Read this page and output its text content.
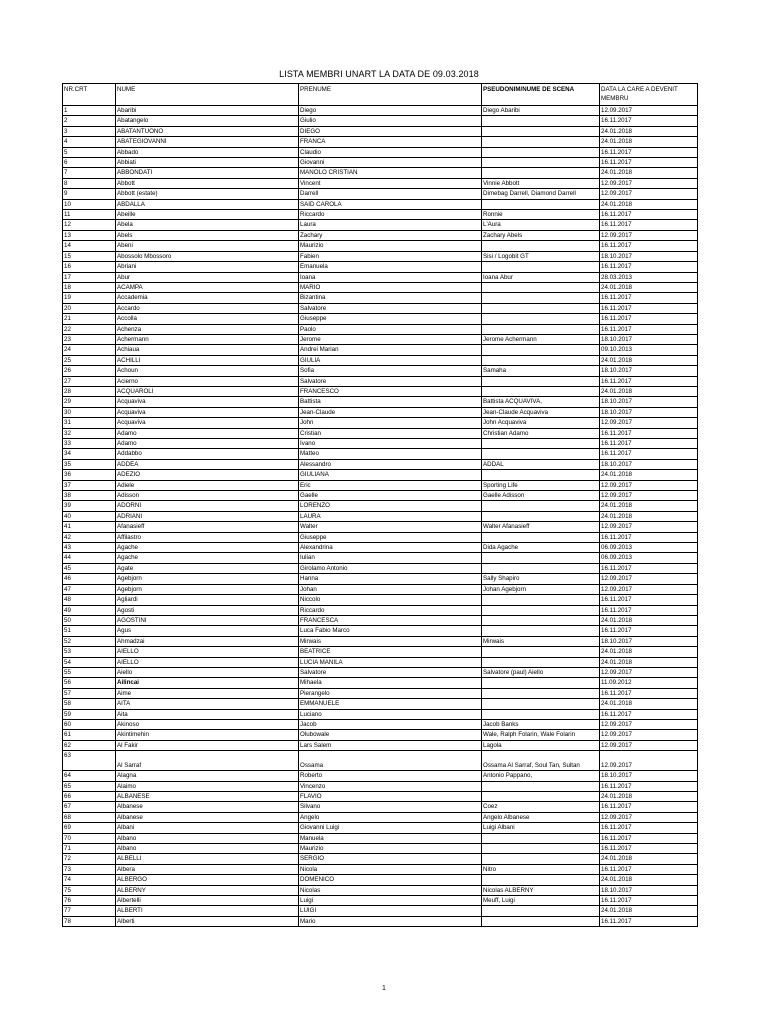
LISTA MEMBRI UNART LA DATA DE 09.03.2018
NR.CRT	NUME	PRENUME	PSEUDONIM/NUME DE SCENA	DATA LA CARE A DEVENIT MEMBRU
1	Abaribi	Diego	Diego Abaribi	12.09.2017
2	Abatangelo	Giulio		16.11.2017
3	ABATANTUONO	DIEGO		24.01.2018
4	ABATEGIOVANNI	FRANCA		24.01.2018
5	Abbado	Claudio		16.11.2017
6	Abbiati	Giovanni		16.11.2017
7	ABBONDATI	MANOLO CRISTIAN		24.01.2018
8	Abbott	Vincent	Vinnie Abbott	12.09.2017
9	Abbott (estate)	Darrell	Dimebag Darrell, Diamond Darrell	12.09.2017
10	ABDALLA	SAID CAROLA		24.01.2018
11	Abeille	Riccardo	Ronnie	16.11.2017
12	Abela	Laura	L'Aura	16.11.2017
13	Abels	Zachary	Zachary Abels	12.09.2017
14	Abeni	Maurizio		16.11.2017
15	Abossolo Mbossoro	Fabien	Sisi / Logobit GT	18.10.2017
16	Abriani	Emanuela		16.11.2017
17	Abur	Ioana	Ioana Abur	28.03.2013
18	ACAMPA	MARIO		24.01.2018
19	Accademia	Bizantina		16.11.2017
20	Accardo	Salvatore		16.11.2017
21	Accolla	Giuseppe		16.11.2017
22	Achenza	Paolo		16.11.2017
23	Achermann	Jerome	Jerome Achermann	18.10.2017
24	Achiaua	Andrei Marian		09.10.2013
25	ACHILLI	GIULIA		24.01.2018
26	Achoun	Sofia	Samaha	18.10.2017
27	Acierno	Salvatore		16.11.2017
28	ACQUAROLI	FRANCESCO		24.01.2018
29	Acquaviva	Battista	Battista ACQUAVIVA,	18.10.2017
30	Acquaviva	Jean-Claude	Jean-Claude Acquaviva	18.10.2017
31	Acquaviva	John	John Acquaviva	12.09.2017
32	Adamo	Cristian	Christian Adamo	16.11.2017
33	Adamo	Ivano		16.11.2017
34	Addabbo	Matteo		16.11.2017
35	ADDEA	Alessandro	ADDAL	18.10.2017
36	ADEZIO	GIULIANA		24.01.2018
37	Adiele	Eric	Sporting Life	12.09.2017
38	Adisson	Gaelle	Gaelle Adisson	12.09.2017
39	ADORNI	LORENZO		24.01.2018
40	ADRIANI	LAURA		24.01.2018
41	Afanasieff	Walter	Walter Afanasieff	12.09.2017
42	Affilastro	Giuseppe		16.11.2017
43	Agache	Alexandrina	Dida Agache	06.09.2013
44	Agache	Iulian		06.09.2013
45	Agate	Girolamo Antonio		16.11.2017
46	Agebjorn	Hanna	Sally Shapiro	12.09.2017
47	Agebjorn	Johan	Johan Agebjorn	12.09.2017
48	Agliardi	Niccolo		16.11.2017
49	Agosti	Riccardo		16.11.2017
50	AGOSTINI	FRANCESCA		24.01.2018
51	Agus	Luca Fabio Marco		16.11.2017
52	Ahmadzai	Mirwais	Mirwais	18.10.2017
53	AIELLO	BEATRICE		24.01.2018
54	AIELLO	LUCIA MANILA		24.01.2018
55	Aiello	Salvatore	Salvatore (paul) Aiello	12.09.2017
56	Ailincai	Mihaela		11.09.2012
57	Aime	Pierangelo		16.11.2017
58	AITA	EMMANUELE		24.01.2018
59	Aita	Luciano		16.11.2017
60	Akinoso	Jacob	Jacob Banks	12.09.2017
61	Akintimehin	Olubowale	Wale, Ralph Folarin, Wale Folarin	12.09.2017
62	Al Fakir	Lars Salem	Lagola	12.09.2017
63	Al Sarraf	Ossama	Ossama Al Sarraf, Soul Tan, Sultan	12.09.2017
64	Alagna	Roberto	Antonio Pappano,	18.10.2017
65	Alaimo	Vincenzo		16.11.2017
66	ALBANESE	FLAVIO		24.01.2018
67	Albanese	Silvano	Coez	16.11.2017
68	Albanese	Angelo	Angelo Albanese	12.09.2017
69	Albani	Giovanni Luigi	Luigi Albani	16.11.2017
70	Albano	Manuela		16.11.2017
71	Albano	Maurizio		16.11.2017
72	ALBELLI	SERGIO		24.01.2018
73	Albera	Nicola	Nitro	16.11.2017
74	ALBERGO	DOMENICO		24.01.2018
75	ALBERNY	Nicolas	Nicolas ALBERNY	18.10.2017
76	Albertelli	Luigi	Meuff, Luigi	16.11.2017
77	ALBERTI	LUIGI		24.01.2018
78	Alberti	Mario		16.11.2017
1
